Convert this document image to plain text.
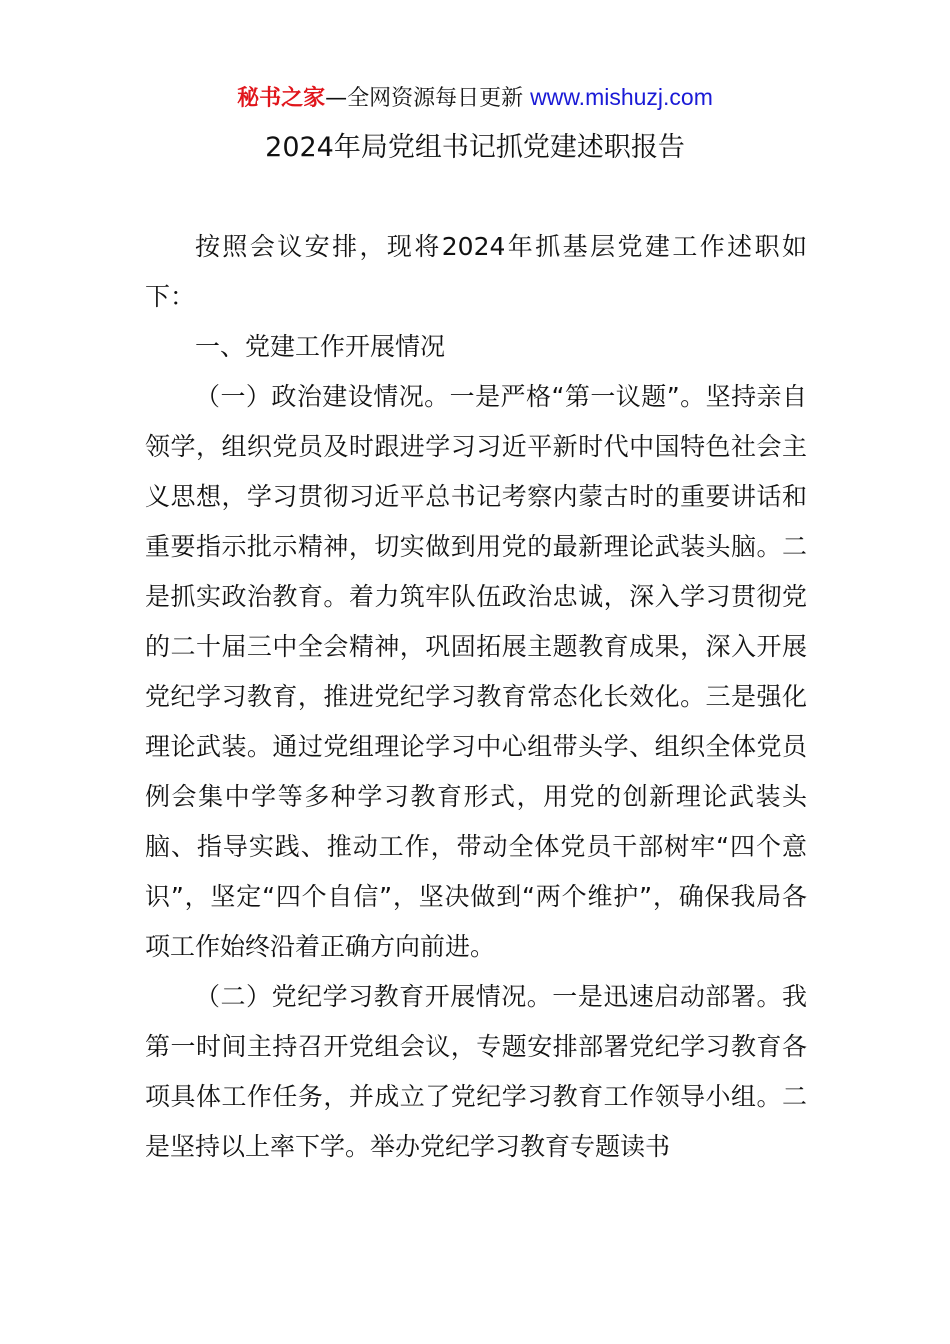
秘书之家—全网资源每日更新 www.mishuzj.com
2024年局党组书记抓党建述职报告

按照会议安排，现将2024年抓基层党建工作述职如下：

一、党建工作开展情况

（一）政治建设情况。一是严格“第一议题”。坚持亲自领学，组织党员及时跟进学习习近平新时代中国特色社会主义思想，学习贯彻习近平总书记考察内蒙古时的重要讲话和重要指示批示精神，切实做到用党的最新理论武装头脑。二是抓实政治教育。着力筑牢队伍政治忠诚，深入学习贯彻党的二十届三中全会精神，巩固拓展主题教育成果，深入开展党纪学习教育，推进党纪学习教育常态化长效化。三是强化理论武装。通过党组理论学习中心组带头学、组织全体党员例会集中学等多种学习教育形式，用党的创新理论武装头脑、指导实践、推动工作，带动全体党员干部树牢“四个意识”，坚定“四个自信”，坚决做到“两个维护”，确保我局各项工作始终沿着正确方向前进。

（二）党纪学习教育开展情况。一是迅速启动部署。我第一时间主持召开党组会议，专题安排部署党纪学习教育各项具体工作任务，并成立了党纪学习教育工作领导小组。二是坚持以上率下学。举办党纪学习教育专题读书
